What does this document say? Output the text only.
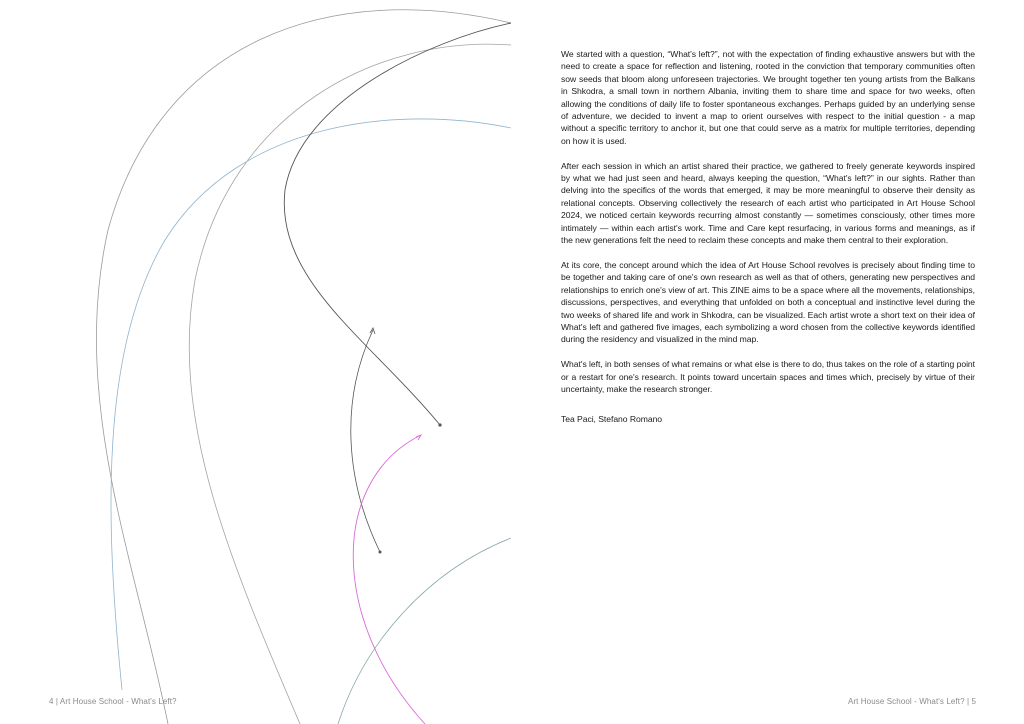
4 | Art House School - What's Left?

We started with a question, “What's left?”, not with the expectation of finding exhaustive answers but with the need to create a space for reflection and listening, rooted in the conviction that temporary communities often sow seeds that bloom along unforeseen trajectories. We brought together ten young artists from the Balkans in Shkodra, a small town in northern Albania, inviting them to share time and space for two weeks, often allowing the conditions of daily life to foster spontaneous exchanges. Perhaps guided by an underlying sense of adventure, we decided to invent a map to orient ourselves with respect to the initial question - a map without a specific territory to anchor it, but one that could serve as a matrix for multiple territories, depending on how it is used.

After each session in which an artist shared their practice, we gathered to freely generate keywords inspired by what we had just seen and heard, always keeping the question, “What's left?” in our sights. Rather than delving into the specifics of the words that emerged, it may be more meaningful to observe their density as relational concepts. Observing collectively the research of each artist who participated in Art House School 2024, we noticed certain keywords recurring almost constantly — sometimes consciously, other times more intimately — within each artist's work. Time and Care kept resurfacing, in various forms and meanings, as if the new generations felt the need to reclaim these concepts and make them central to their exploration.

At its core, the concept around which the idea of Art House School revolves is precisely about finding time to be together and taking care of one's own research as well as that of others, generating new perspectives and relationships to enrich one's view of art. This ZINE aims to be a space where all the movements, relationships, discussions, perspectives, and everything that unfolded on both a conceptual and instinctive level during the two weeks of shared life and work in Shkodra, can be visualized. Each artist wrote a short text on their idea of What's left and gathered five images, each symbolizing a word chosen from the collective keywords identified during the residency and visualized in the mind map.

What's left, in both senses of what remains or what else is there to do, thus takes on the role of a starting point or a restart for one's research. It points toward uncertain spaces and times which, precisely by virtue of their uncertainty, make the research stronger.

Tea Paci, Stefano Romano
Art House School - What's Left? | 5
